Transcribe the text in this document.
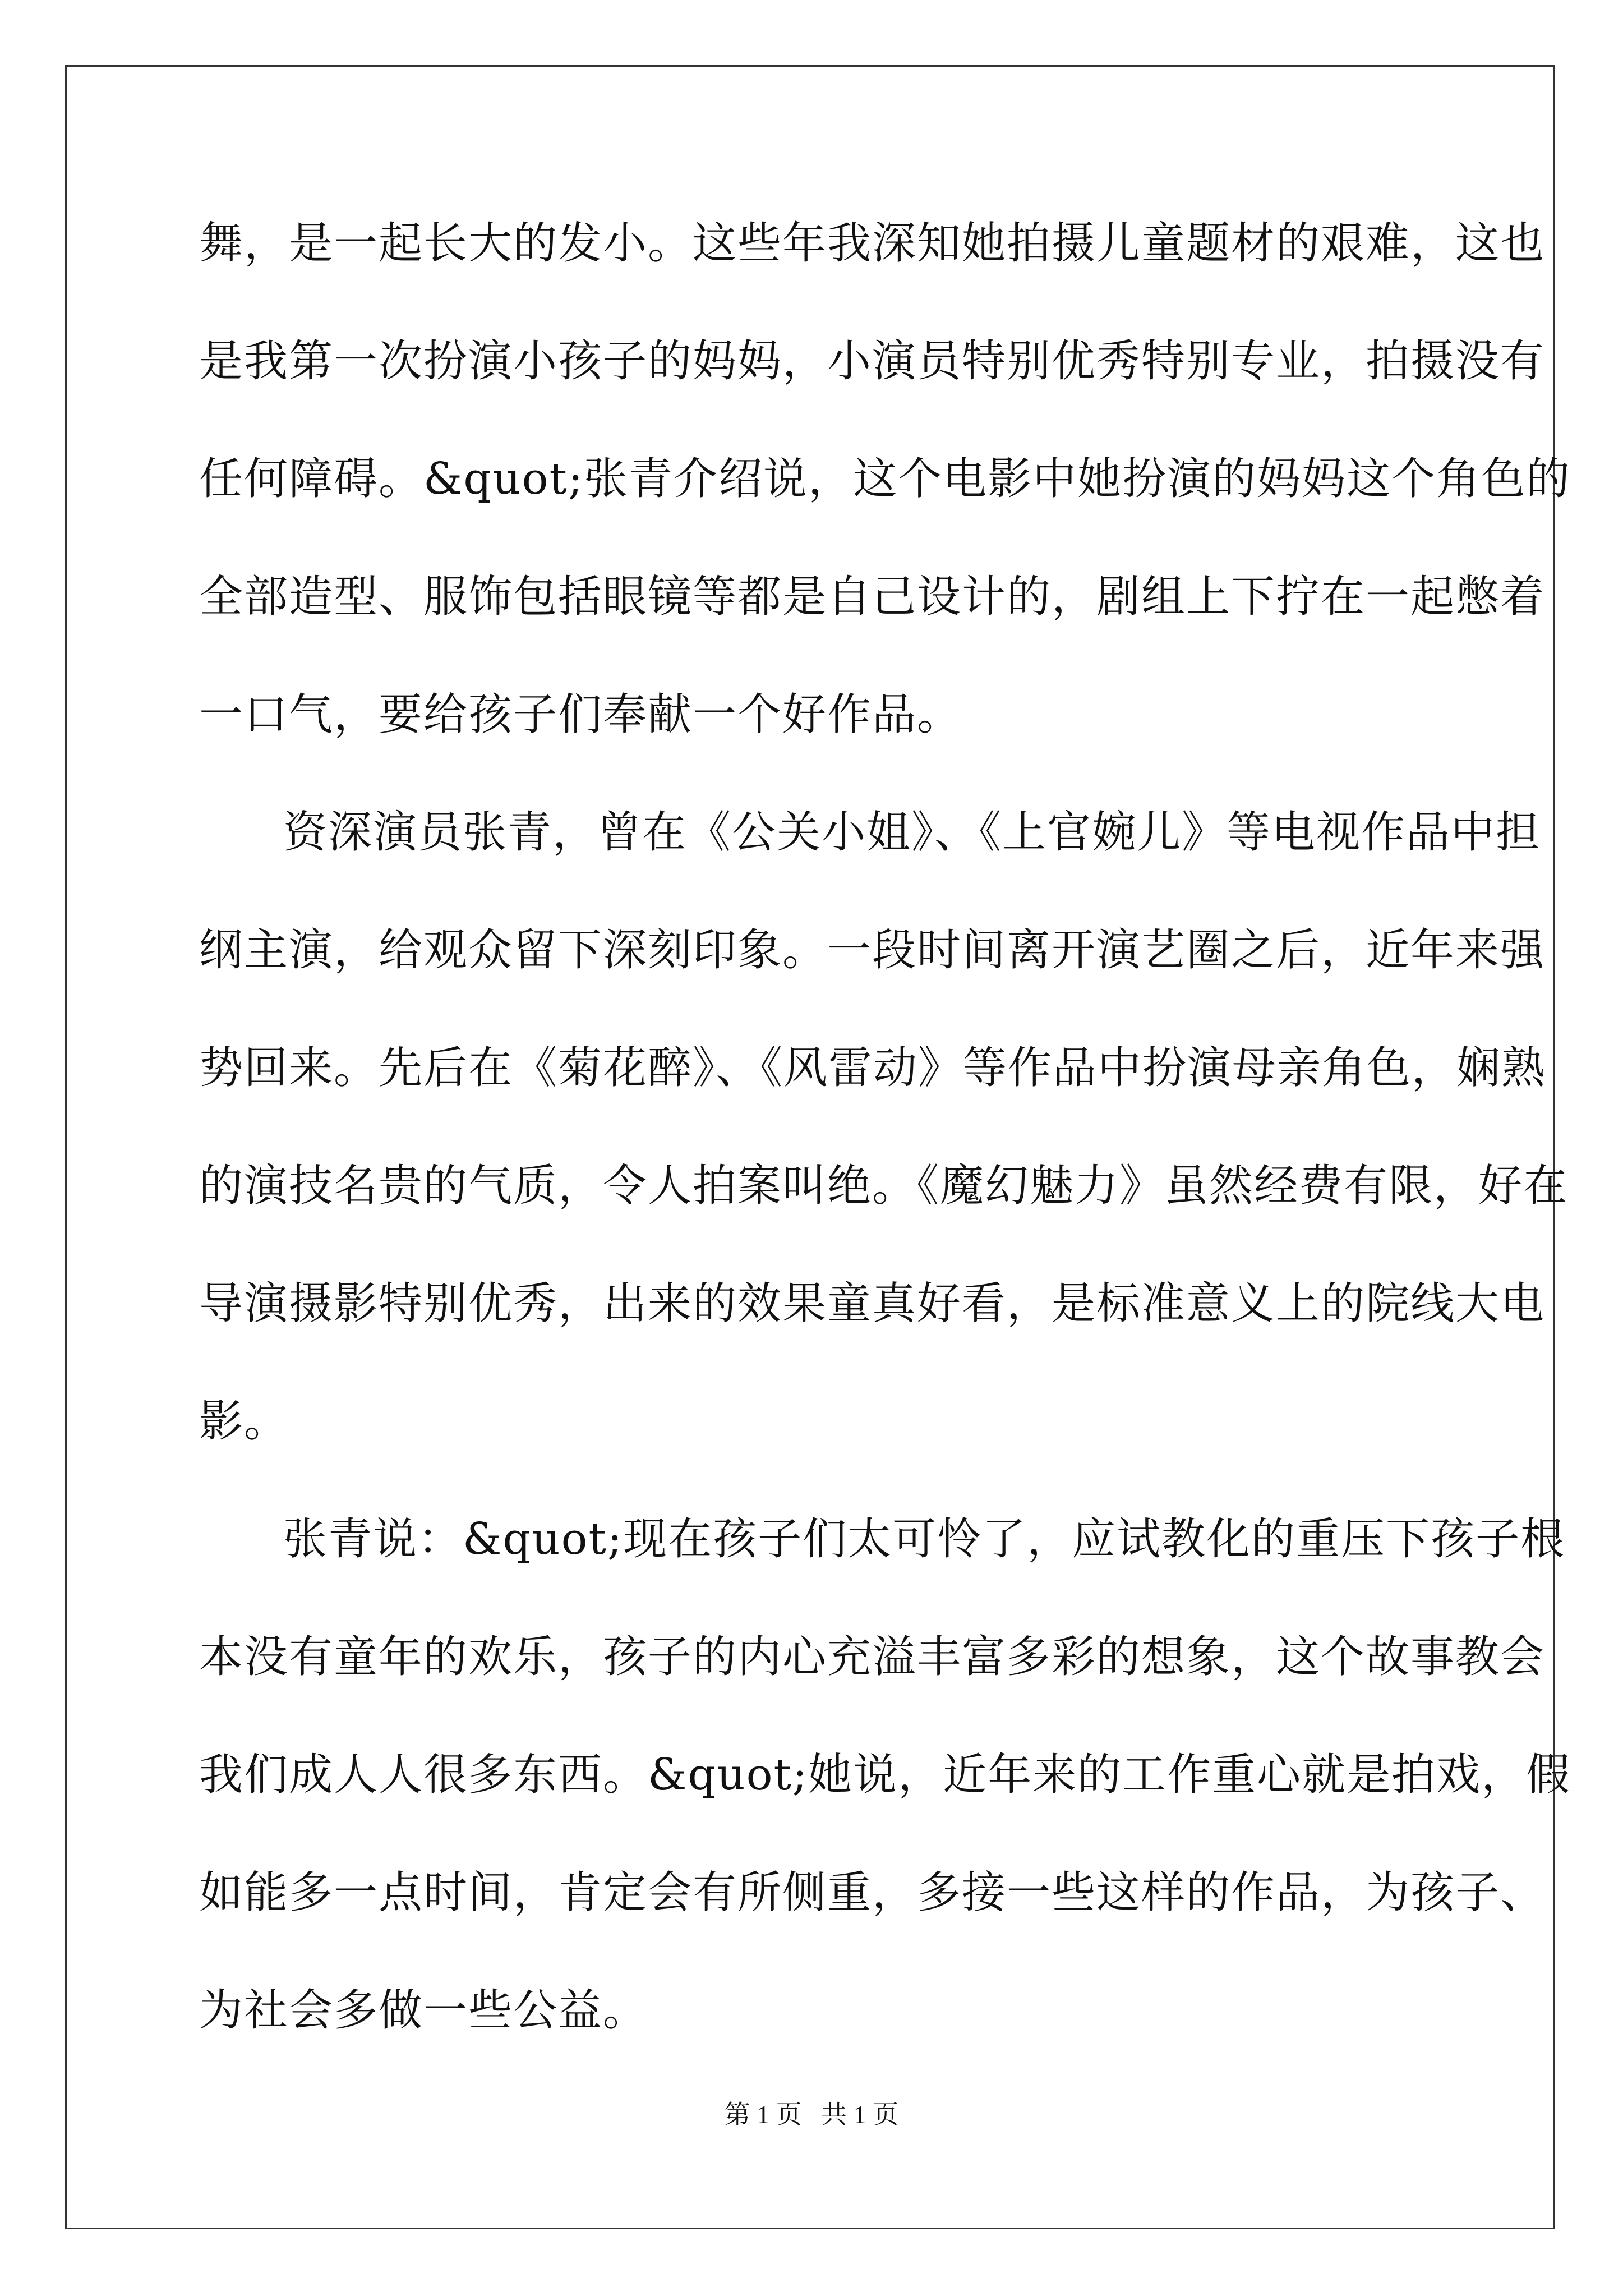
舞，是一起长大的发小。这些年我深知她拍摄儿童题材的艰难，这也
是我第一次扮演小孩子的妈妈，小演员特别优秀特别专业，拍摄没有
任何障碍。&quot;张青介绍说，这个电影中她扮演的妈妈这个角色的
全部造型、服饰包括眼镜等都是自己设计的，剧组上下拧在一起憋着
一口气，要给孩子们奉献一个好作品。
资深演员张青，曾在《公关小姐》、《上官婉儿》等电视作品中担
纲主演，给观众留下深刻印象。一段时间离开演艺圈之后，近年来强
势回来。先后在《菊花醉》、《风雷动》等作品中扮演母亲角色，娴熟
的演技名贵的气质，令人拍案叫绝。《魔幻魅力》虽然经费有限，好在
导演摄影特别优秀，出来的效果童真好看，是标准意义上的院线大电
影。
张青说：&quot;现在孩子们太可怜了，应试教化的重压下孩子根
本没有童年的欢乐，孩子的内心充溢丰富多彩的想象，这个故事教会
我们成人人很多东西。&quot;她说，近年来的工作重心就是拍戏，假
如能多一点时间，肯定会有所侧重，多接一些这样的作品，为孩子、
为社会多做一些公益。
第 1 页   共 1 页
